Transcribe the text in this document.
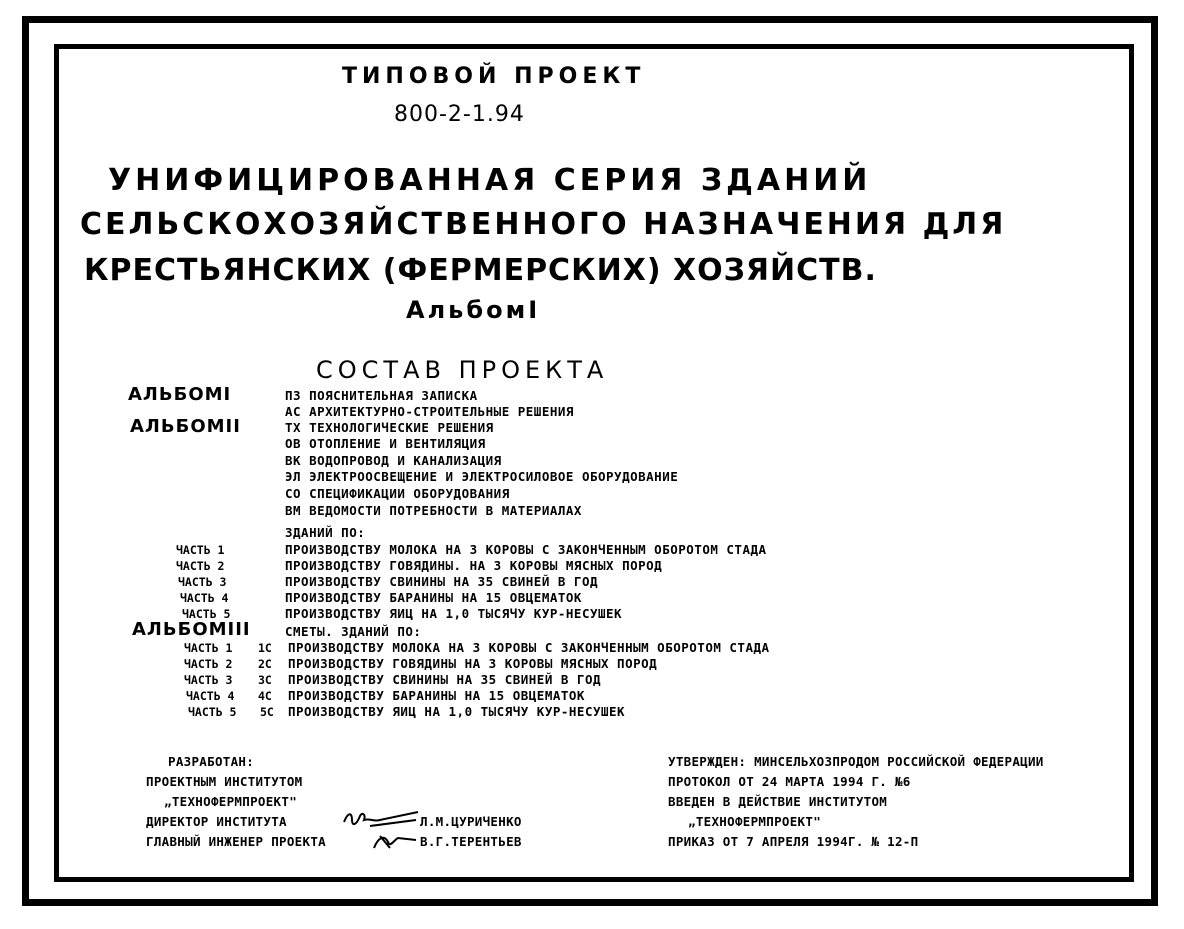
ТИПОВОЙ ПРОЕКТ
800-2-1.94
УНИФИЦИРОВАННАЯ СЕРИЯ ЗДАНИЙ
СЕЛЬСКОХОЗЯЙСТВЕННОГО НАЗНАЧЕНИЯ ДЛЯ
КРЕСТЬЯНСКИХ (ФЕРМЕРСКИХ) ХОЗЯЙСТВ.
АльбомI
СОСТАВ ПРОЕКТА
АЛЬБОМI
АЛЬБОМII
АЛЬБОМIII
ПЗ ПОЯСНИТЕЛЬНАЯ ЗАПИСКА
АС АРХИТЕКТУРНО-СТРОИТЕЛЬНЫЕ РЕШЕНИЯ
ТХ ТЕХНОЛОГИЧЕСКИЕ РЕШЕНИЯ
ОВ ОТОПЛЕНИЕ И ВЕНТИЛЯЦИЯ
ВК ВОДОПРОВОД И КАНАЛИЗАЦИЯ
ЭЛ ЭЛЕКТРООСВЕЩЕНИЕ И ЭЛЕКТРОСИЛОВОЕ ОБОРУДОВАНИЕ
СО СПЕЦИФИКАЦИИ ОБОРУДОВАНИЯ
ВМ ВЕДОМОСТИ ПОТРЕБНОСТИ В МАТЕРИАЛАХ
ЗДАНИЙ ПО:
ЧАСТЬ 1	ПРОИЗВОДСТВУ МОЛОКА НА 3 КОРОВЫ С ЗАКОНЧЕННЫМ ОБОРОТОМ СТАДА
ЧАСТЬ 2	ПРОИЗВОДСТВУ ГОВЯДИНЫ. НА 3 КОРОВЫ МЯСНЫХ ПОРОД
ЧАСТЬ 3	ПРОИЗВОДСТВУ СВИНИНЫ НА 35 СВИНЕЙ В ГОД
ЧАСТЬ 4	ПРОИЗВОДСТВУ БАРАНИНЫ НА 15 ОВЦЕМАТОК
ЧАСТЬ 5	ПРОИЗВОДСТВУ ЯИЦ НА 1,0 ТЫСЯЧУ КУР-НЕСУШЕК
СМЕТЫ. ЗДАНИЙ ПО:
ЧАСТЬ 1 1С ПРОИЗВОДСТВУ МОЛОКА НА 3 КОРОВЫ С ЗАКОНЧЕННЫМ ОБОРОТОМ СТАДА
ЧАСТЬ 2 2С ПРОИЗВОДСТВУ ГОВЯДИНЫ НА 3 КОРОВЫ МЯСНЫХ ПОРОД
ЧАСТЬ 3 3С ПРОИЗВОДСТВУ СВИНИНЫ НА 35 СВИНЕЙ В ГОД
ЧАСТЬ 4 4С ПРОИЗВОДСТВУ БАРАНИНЫ НА 15 ОВЦЕМАТОК
ЧАСТЬ 5 5С ПРОИЗВОДСТВУ ЯИЦ НА 1,0 ТЫСЯЧУ КУР-НЕСУШЕК
РАЗРАБОТАН:
ПРОЕКТНЫМ ИНСТИТУТОМ
„ТЕХНОФЕРМПРОЕКТ"
ДИРЕКТОР ИНСТИТУТА	Л.М.ЦУРИЧЕНКО
ГЛАВНЫЙ ИНЖЕНЕР ПРОЕКТА	В.Г.ТЕРЕНТЬЕВ
УТВЕРЖДЕН: МИНСЕЛЬХОЗПРОДОМ РОССИЙСКОЙ ФЕДЕРАЦИИ
ПРОТОКОЛ ОТ 24 МАРТА 1994 Г. №6
ВВЕДЕН В ДЕЙСТВИЕ ИНСТИТУТОМ
„ТЕХНОФЕРМПРОЕКТ"
ПРИКАЗ ОТ 7 АПРЕЛЯ 1994Г. № 12-П
